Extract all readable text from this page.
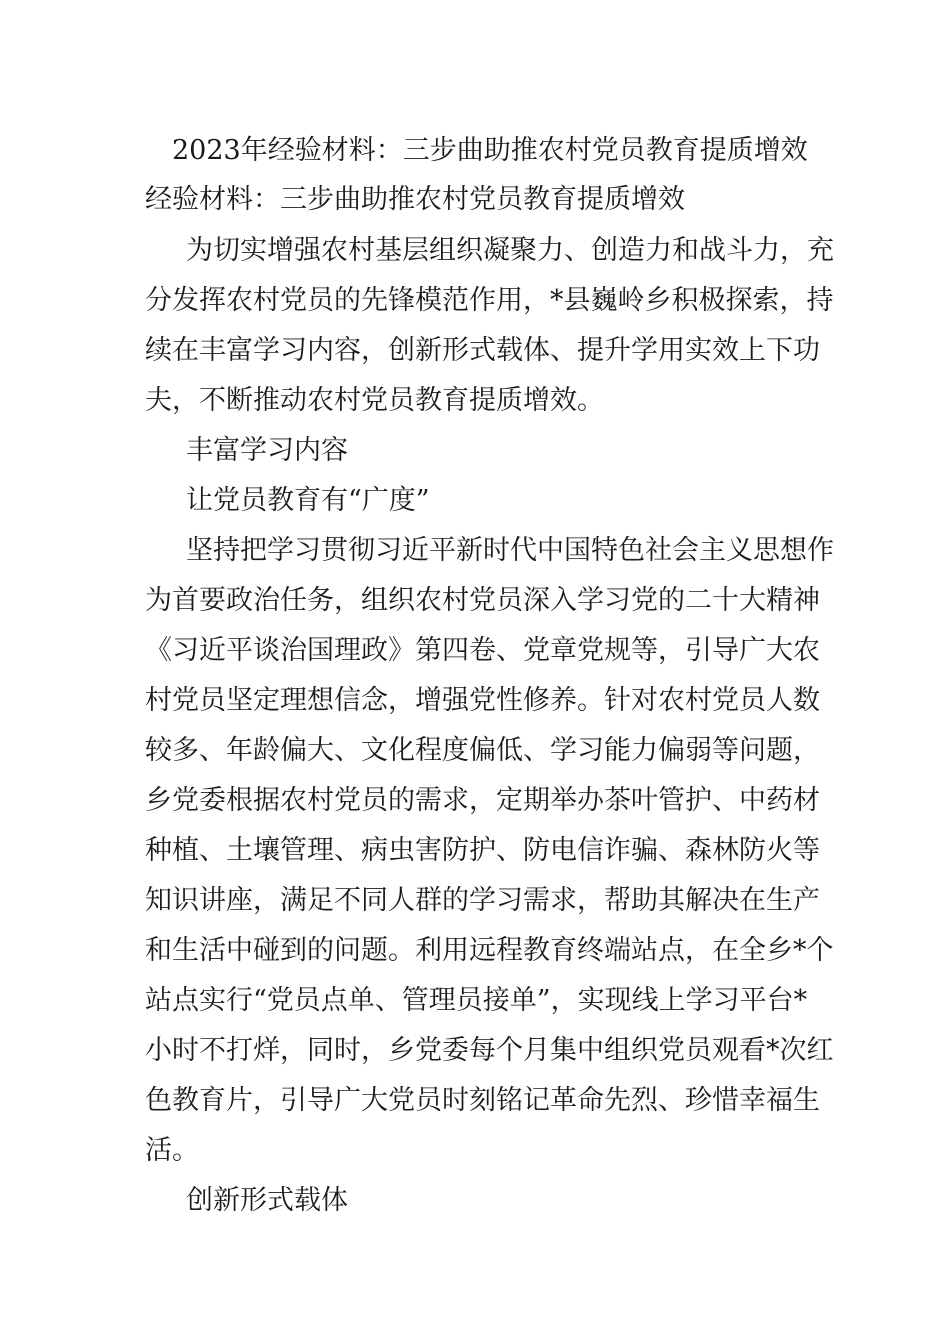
2023年经验材料：三步曲助推农村党员教育提质增效
经验材料：三步曲助推农村党员教育提质增效
为切实增强农村基层组织凝聚力、创造力和战斗力，充
分发挥农村党员的先锋模范作用，*县巍岭乡积极探索，持
续在丰富学习内容，创新形式载体、提升学用实效上下功
夫，不断推动农村党员教育提质增效。
丰富学习内容
让党员教育有“广度”
坚持把学习贯彻习近平新时代中国特色社会主义思想作
为首要政治任务，组织农村党员深入学习党的二十大精神
《习近平谈治国理政》第四卷、党章党规等，引导广大农
村党员坚定理想信念，增强党性修养。针对农村党员人数
较多、年龄偏大、文化程度偏低、学习能力偏弱等问题，
乡党委根据农村党员的需求，定期举办茶叶管护、中药材
种植、土壤管理、病虫害防护、防电信诈骗、森林防火等
知识讲座，满足不同人群的学习需求，帮助其解决在生产
和生活中碰到的问题。利用远程教育终端站点，在全乡*个
站点实行“党员点单、管理员接单”，实现线上学习平台*
小时不打烊，同时，乡党委每个月集中组织党员观看*次红
色教育片，引导广大党员时刻铭记革命先烈、珍惜幸福生
活。
创新形式载体
